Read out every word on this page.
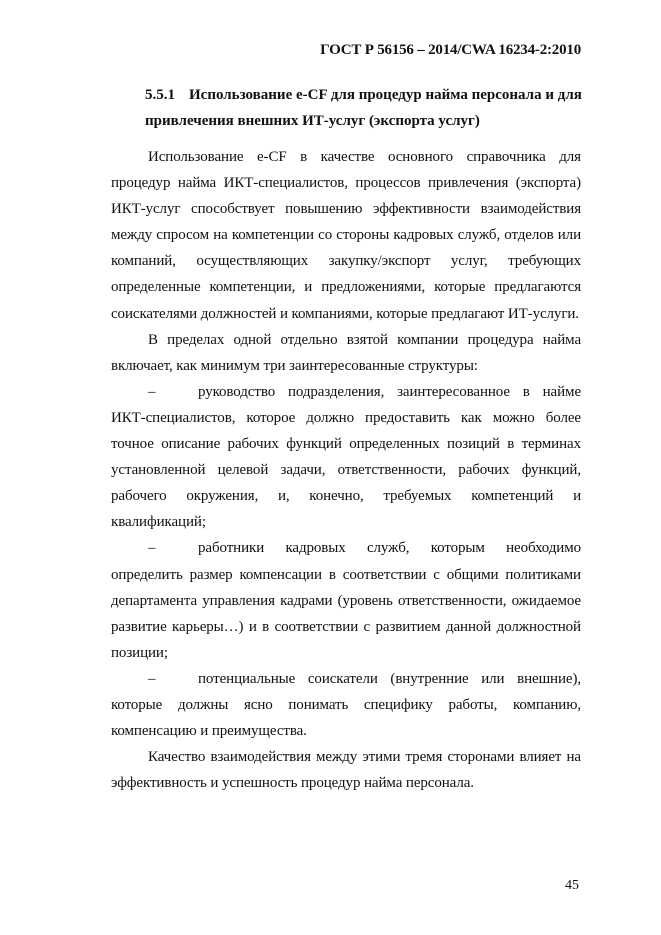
ГОСТ Р 56156 – 2014/CWA 16234-2:2010
5.5.1 Использование e-CF для процедур найма персонала и для привлечения внешних ИТ-услуг (экспорта услуг)

Использование e-CF в качестве основного справочника для процедур найма ИКТ-специалистов, процессов привлечения (экспорта) ИКТ-услуг способствует повышению эффективности взаимодействия между спросом на компетенции со стороны кадровых служб, отделов или компаний, осуществляющих закупку/экспорт услуг, требующих определенные компетенции, и предложениями, которые предлагаются соискателями должностей и компаниями, которые предлагают ИТ-услуги.

В пределах одной отдельно взятой компании процедура найма включает, как минимум три заинтересованные структуры:

–	руководство подразделения, заинтересованное в найме ИКТ-специалистов, которое должно предоставить как можно более точное описание рабочих функций определенных позиций в терминах установленной целевой задачи, ответственности, рабочих функций, рабочего окружения, и, конечно, требуемых компетенций и квалификаций;

–	работники кадровых служб, которым необходимо определить размер компенсации в соответствии с общими политиками департамента управления кадрами (уровень ответственности, ожидаемое развитие карьеры…) и в соответствии с развитием данной должностной позиции;

–	потенциальные соискатели (внутренние или внешние), которые должны ясно понимать специфику работы, компанию, компенсацию и преимущества.

Качество взаимодействия между этими тремя сторонами влияет на эффективность и успешность процедур найма персонала.

45
